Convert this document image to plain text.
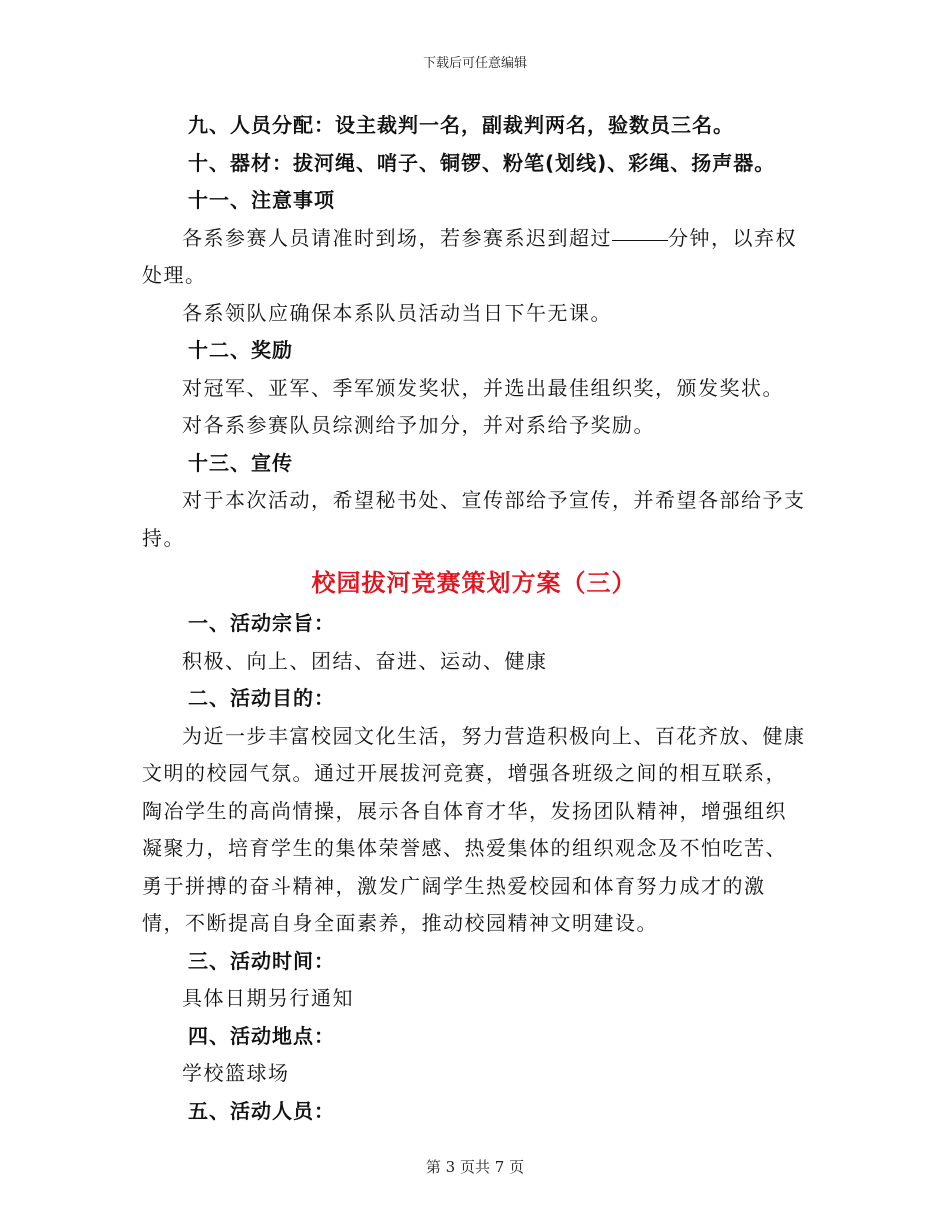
下载后可任意编辑
九、人员分配：设主裁判一名，副裁判两名，验数员三名。
十、器材：拔河绳、哨子、铜锣、粉笔(划线)、彩绳、扬声器。
十一、注意事项

各系参赛人员请准时到场，若参赛系迟到超过	分钟，以弃权处理。

各系领队应确保本系队员活动当日下午无课。

十二、奖励

对冠军、亚军、季军颁发奖状，并选出最佳组织奖，颁发奖状。

对各系参赛队员综测给予加分，并对系给予奖励。

十三、宣传

对于本次活动，希望秘书处、宣传部给予宣传，并希望各部给予支持。

校园拔河竞赛策划方案（三）
一、活动宗旨：

积极、向上、团结、奋进、运动、健康

二、活动目的：

为近一步丰富校园文化生活，努力营造积极向上、百花齐放、健康文明的校园气氛。通过开展拔河竞赛，增强各班级之间的相互联系，陶冶学生的高尚情操，展示各自体育才华，发扬团队精神，增强组织凝聚力，培育学生的集体荣誉感、热爱集体的组织观念及不怕吃苦、勇于拼搏的奋斗精神，激发广阔学生热爱校园和体育努力成才的激情，不断提高自身全面素养，推动校园精神文明建设。

三、活动时间：

具体日期另行通知

四、活动地点：

学校篮球场

五、活动人员：
第 3 页共 7 页
